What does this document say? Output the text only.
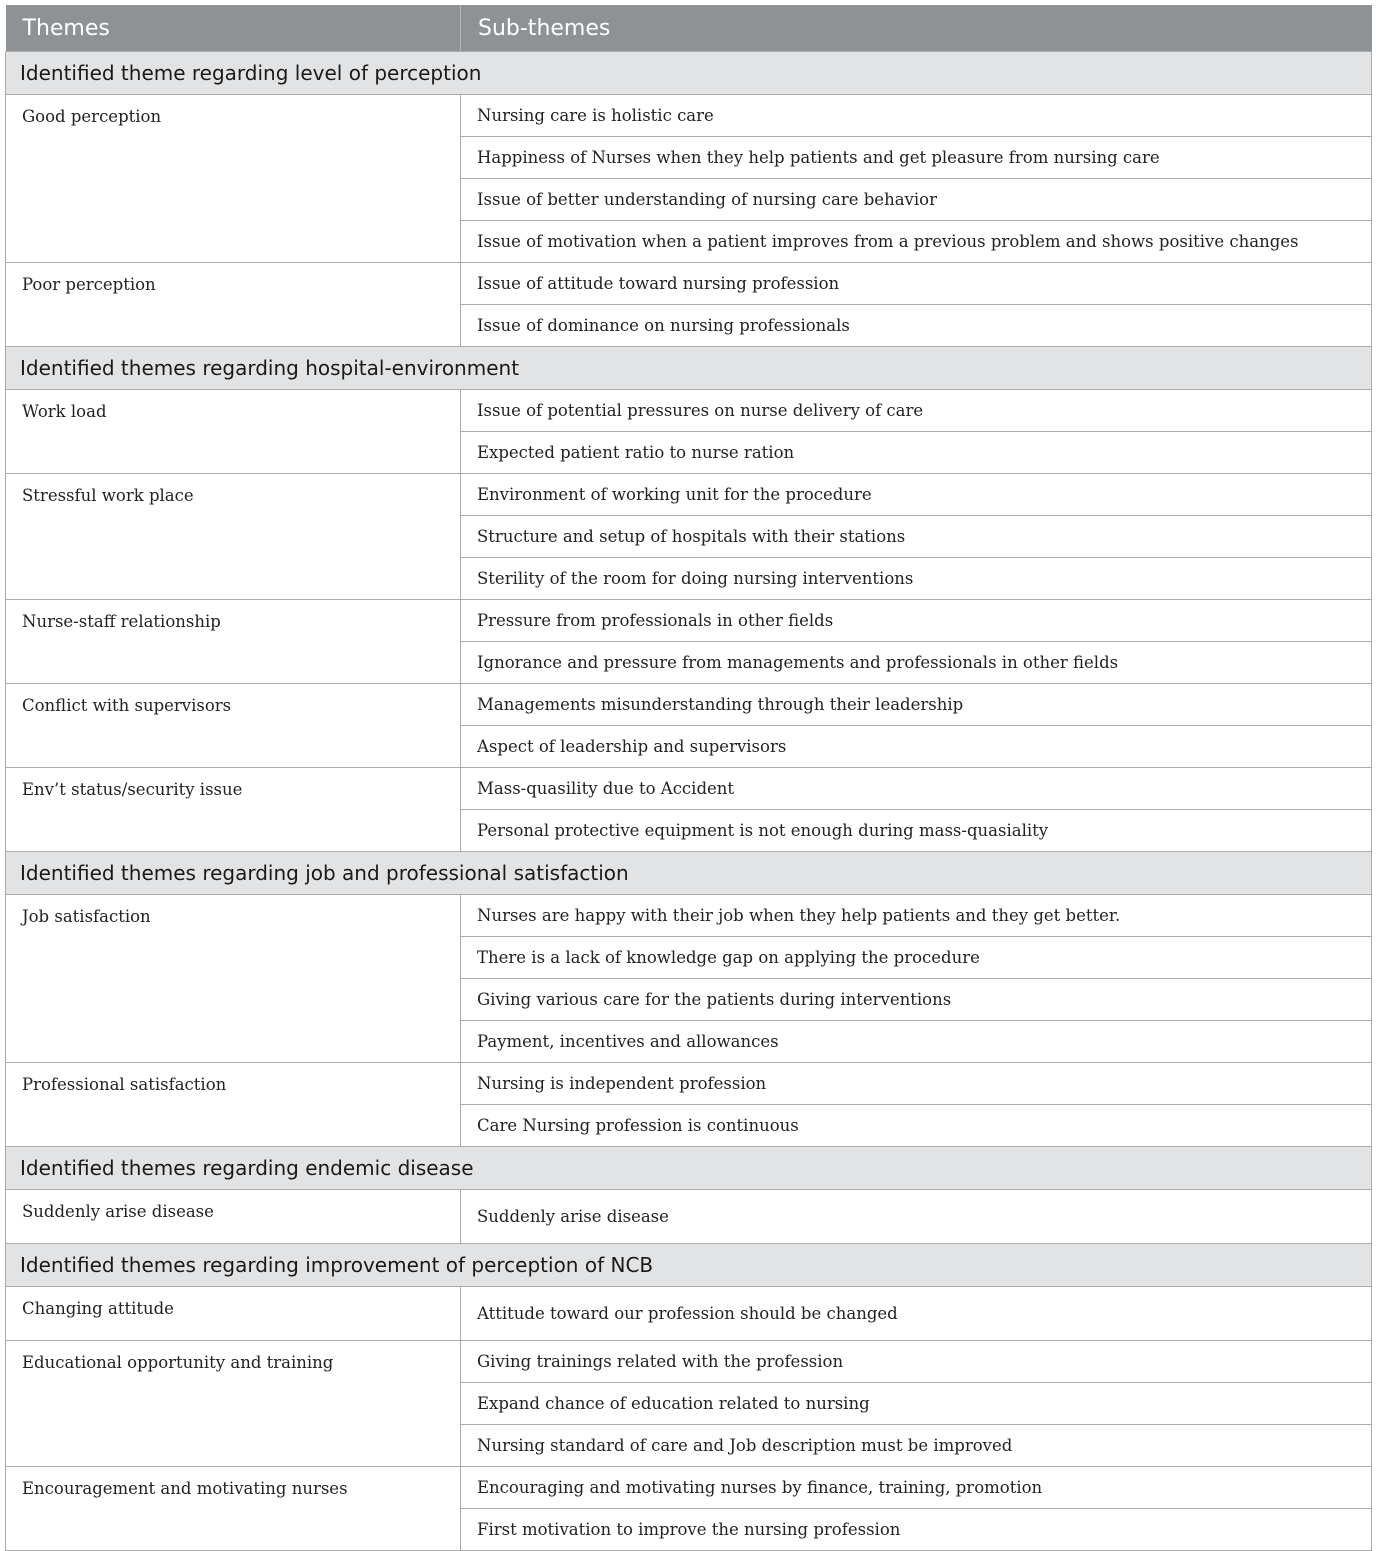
Themes	Sub-themes
Identified theme regarding level of perception	
Good perception	Nursing care is holistic care
	Happiness of Nurses when they help patients and get pleasure from nursing care
	Issue of better understanding of nursing care behavior
	Issue of motivation when a patient improves from a previous problem and shows positive changes
Poor perception	Issue of attitude toward nursing profession
	Issue of dominance on nursing professionals
Identified themes regarding hospital-environment	
Work load	Issue of potential pressures on nurse delivery of care
	Expected patient ratio to nurse ration
Stressful work place	Environment of working unit for the procedure
	Structure and setup of hospitals with their stations
	Sterility of the room for doing nursing interventions
Nurse-staff relationship	Pressure from professionals in other fields
	Ignorance and pressure from managements and professionals in other fields
Conflict with supervisors	Managements misunderstanding through their leadership
	Aspect of leadership and supervisors
Env’t status/security issue	Mass-quasility due to Accident
	Personal protective equipment is not enough during mass-quasiality
Identified themes regarding job and professional satisfaction	
Job satisfaction	Nurses are happy with their job when they help patients and they get better.
	There is a lack of knowledge gap on applying the procedure
	Giving various care for the patients during interventions
	Payment, incentives and allowances
Professional satisfaction	Nursing is independent profession
	Care Nursing profession is continuous
Identified themes regarding endemic disease	
Suddenly arise disease	Suddenly arise disease
Identified themes regarding improvement of perception of NCB	
Changing attitude	Attitude toward our profession should be changed
Educational opportunity and training	Giving trainings related with the profession
	Expand chance of education related to nursing
	Nursing standard of care and Job description must be improved
Encouragement and motivating nurses	Encouraging and motivating nurses by finance, training, promotion
	First motivation to improve the nursing profession
